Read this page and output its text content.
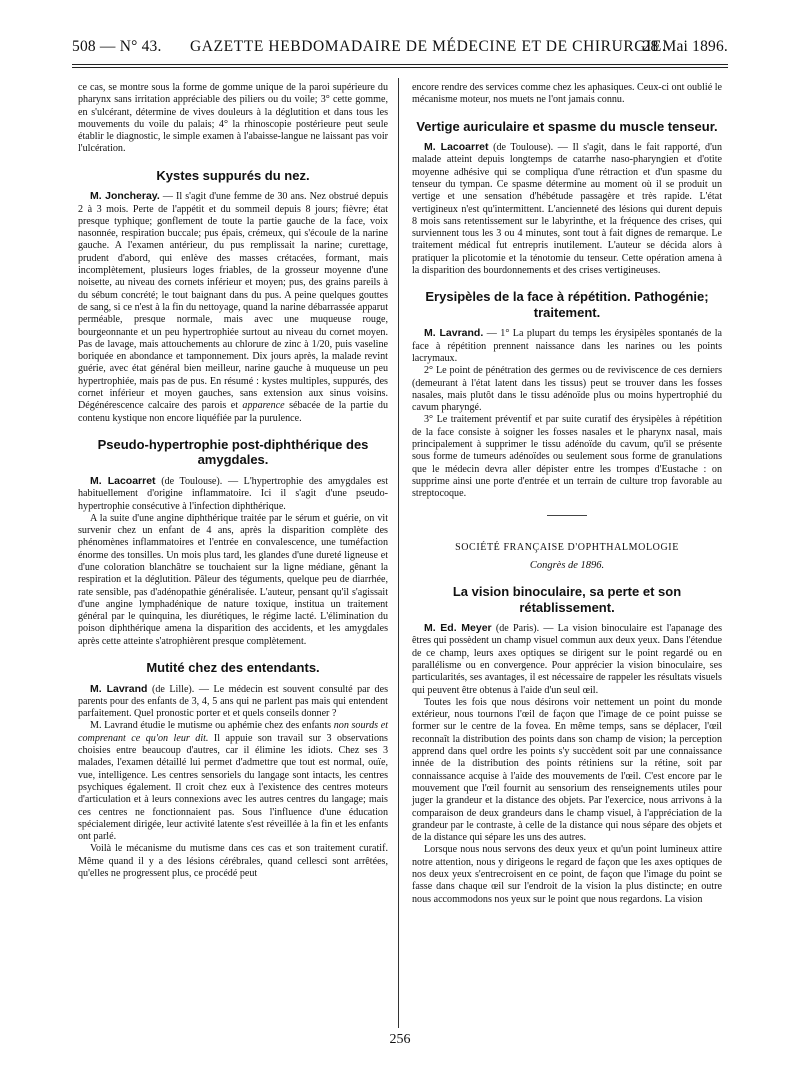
508 — N° 43. GAZETTE HEBDOMADAIRE DE MÉDECINE ET DE CHIRURGIE.
28 Mai 1896.

ce cas, se montre sous la forme de gomme unique de la paroi supérieure du pharynx sans irritation appréciable des piliers ou du voile; 3° cette gomme, en s'ulcérant, détermine de vives douleurs à la déglutition et dans tous les mouvements du voile du palais; 4° la rhinoscopie postérieure peut seule établir le diagnostic, le simple examen à l'abaisse-langue ne laissant pas voir l'ulcération.

Kystes suppurés du nez.

M. Joncheray. — Il s'agit d'une femme de 30 ans. Nez obstrué depuis 2 à 3 mois. Perte de l'appétit et du sommeil depuis 8 jours; fièvre; état presque typhique; gonflement de toute la partie gauche de la face, voix nasonnée, respiration buccale; pus épais, crémeux, qui s'écoule de la narine gauche. A l'examen antérieur, du pus remplissait la narine; curettage, prudent d'abord, qui enlève des masses crétacées, formant, mais incomplètement, plusieurs loges friables, de la grosseur moyenne d'une noisette, au niveau des cornets inférieur et moyen; pus, des grains pareils à du sébum concrété; le tout baignant dans du pus. A peine quelques gouttes de sang, si ce n'est à la fin du nettoyage, quand la narine débarrassée apparut perméable, presque normale, mais avec une muqueuse rouge, bourgeonnante et un peu hypertrophiée surtout au niveau du cornet moyen. Pas de lavage, mais attouchements au chlorure de zinc à 1/20, puis vaseline boriquée en abondance et tamponnement. Dix jours après, la malade revint guérie, avec état général bien meilleur, narine gauche à muqueuse un peu hypertrophiée, mais pas de pus. En résumé : kystes multiples, suppurés, des cornet inférieur et moyen gauches, sans extension aux sinus voisins. Dégénérescence calcaire des parois et apparence sébacée de la partie du contenu kystique non encore liquéfiée par la purulence.

Pseudo-hypertrophie post-diphthérique des amygdales.

M. Lacoarret (de Toulouse). — L'hypertrophie des amygdales est habituellement d'origine inflammatoire. Ici il s'agit d'une pseudo-hypertrophie consécutive à l'infection diphthérique.

A la suite d'une angine diphthérique traitée par le sérum et guérie, on vit survenir chez un enfant de 4 ans, après la disparition complète des phénomènes inflammatoires et l'entrée en convalescence, une tuméfaction énorme des tonsilles. Un mois plus tard, les glandes d'une dureté ligneuse et d'une coloration blanchâtre se touchaient sur la ligne médiane, gênant la respiration et la déglutition. Pâleur des téguments, quelque peu de diarrhée, rate sensible, pas d'adénopathie généralisée. L'auteur, pensant qu'il s'agissait d'une angine lymphadénique de nature toxique, institua un traitement général par le quinquina, les diurétiques, le régime lacté. L'élimination du poison diphthérique amena la disparition des accidents, et les amygdales après cette atteinte s'atrophièrent presque complètement.

Mutité chez des entendants.

M. Lavrand (de Lille). — Le médecin est souvent consulté par des parents pour des enfants de 3, 4, 5 ans qui ne parlent pas mais qui entendent parfaitement. Quel pronostic porter et et quels conseils donner ?

M. Lavrand étudie le mutisme ou aphémie chez des enfants non sourds et comprenant ce qu'on leur dit. Il appuie son travail sur 3 observations choisies entre beaucoup d'autres, car il élimine les idiots. Chez ses 3 malades, l'examen détaillé lui permet d'admettre que tout est normal, ouïe, vue, intelligence. Les centres sensoriels du langage sont intacts, les centres psychiques également. Il croit chez eux à l'existence des centres moteurs d'articulation et à leurs connexions avec les autres centres du langage; mais ces centres ne fonctionnaient pas. Sous l'influence d'une éducation spécialement dirigée, leur activité latente s'est réveillée à la fin et les enfants ont parlé.

Voilà le mécanisme du mutisme dans ces cas et son traitement curatif. Même quand il y a des lésions cérébrales, quand cellesci sont arrêtées, qu'elles ne progressent plus, ce procédé peut

encore rendre des services comme chez les aphasiques. Ceux-ci ont oublié le mécanisme moteur, nos muets ne l'ont jamais connu.

Vertige auriculaire et spasme du muscle tenseur.

M. Lacoarret (de Toulouse). — Il s'agit, dans le fait rapporté, d'un malade atteint depuis longtemps de catarrhe naso-pharyngien et d'otite moyenne adhésive qui se compliqua d'une rétraction et d'un spasme du tenseur du tympan. Ce spasme détermine au moment où il se produit un vertige et une sensation d'hébétude passagère et très rapide. L'état vertigineux n'est qu'intermittent. L'ancienneté des lésions qui durent depuis 8 mois sans retentissement sur le labyrinthe, et la fréquence des crises, qui surviennent tous les 3 ou 4 minutes, sont tout à fait dignes de remarque. Le traitement médical fut entrepris inutilement. L'auteur se décida alors à pratiquer la plicotomie et la ténotomie du tenseur. Cette opération amena à la disparition des bourdonnements et des crises vertigineuses.

Erysipèles de la face à répétition. Pathogénie; traitement.

M. Lavrand. — 1° La plupart du temps les érysipèles spontanés de la face à répétition prennent naissance dans les narines ou les points lacrymaux.

2° Le point de pénétration des germes ou de reviviscence de ces derniers (demeurant à l'état latent dans les tissus) peut se trouver dans les fosses nasales, mais plutôt dans le tissu adénoïde plus ou moins hypertrophié du cavum pharyngé.

3° Le traitement préventif et par suite curatif des érysipèles à répétition de la face consiste à soigner les fosses nasales et le pharynx nasal, mais principalement à supprimer le tissu adénoïde du cavum, qu'il se présente sous forme de tumeurs adénoïdes ou seulement sous forme de granulations que le médecin devra aller dépister entre les trompes d'Eustache : on supprime ainsi une porte d'entrée et un terrain de culture trop favorable au streptocoque.

SOCIÉTÉ FRANÇAISE D'OPHTHALMOLOGIE
Congrès de 1896.
La vision binoculaire, sa perte et son rétablissement.

M. Ed. Meyer (de Paris). — La vision binoculaire est l'apanage des êtres qui possèdent un champ visuel commun aux deux yeux. Dans l'étendue de ce champ, leurs axes optiques se dirigent sur le point regardé ou en parallélisme ou en convergence. Pour apprécier la vision binoculaire, ses particularités, ses avantages, il est nécessaire de rappeler les résultats visuels qui peuvent être obtenus à l'aide d'un seul œil.

Toutes les fois que nous désirons voir nettement un point du monde extérieur, nous tournons l'œil de façon que l'image de ce point puisse se former sur le centre de la fovea. En même temps, sans se déplacer, l'œil reconnaît la distribution des points dans son champ de vision; la perception apprend dans quel ordre les points s'y succèdent soit par une connaissance innée de la distribution des points rétiniens sur la rétine, soit par connaissance acquise à l'aide des mouvements de l'œil. C'est encore par le mouvement que l'œil fournit au sensorium des renseignements utiles pour juger la grandeur et la distance des objets. Par l'exercice, nous arrivons à la comparaison de deux grandeurs dans le champ visuel, à l'appréciation de la grandeur par le contraste, à celle de la distance qui nous sépare des objets et de la distance qui sépare les uns des autres.

Lorsque nous nous servons des deux yeux et qu'un point lumineux attire notre attention, nous y dirigeons le regard de façon que les axes optiques de nos deux yeux s'entrecroisent en ce point, de façon que l'image du point se fasse dans chaque œil sur l'endroit de la vision la plus distincte; en outre nous accommodons nos yeux sur le point que nous regardons. La vision

256
